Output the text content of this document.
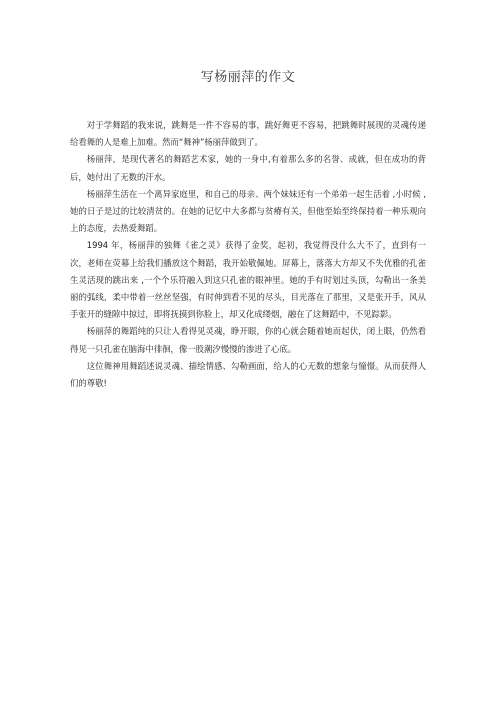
写杨丽萍的作文

对于学舞蹈的我来说，跳舞是一件不容易的事，跳好舞更不容易，把跳舞时展现的灵魂传递给看舞的人是难上加难。然而“舞神”杨丽萍做到了。

杨丽萍，是现代著名的舞蹈艺术家，她的一身中,有着那么多的名誉、成就，但在成功的背后，她付出了无数的汗水。

杨丽萍生活在一个离异家庭里，和自己的母亲、两个妹妹还有一个弟弟一起生活着 ,小时候 ,她的日子是过的比较清贫的。在她的记忆中大多都与贫瘠有关，但他至始至终保持着一种乐观向上的态度，去热爱舞蹈。

1994 年，杨丽萍的独舞《雀之灵》获得了金奖，起初，我觉得没什么大不了，直到有一次，老师在荧幕上给我们播放这个舞蹈，我开始敬佩她。屏幕上，落落大方却又不失优雅的孔雀生灵活现的跳出来 ,一个个乐符融入到这只孔雀的眼神里。她的手有时划过头顶，勾勒出一条美丽的弧线，柔中带着一丝丝坚强，有时伸到看不见的尽头，目光落在了那里，又是张开手，风从手张开的缝隙中掠过，即将抚摸到你脸上，却又化成缕烟，融在了这舞蹈中，不见踪影。

杨丽萍的舞蹈纯的只让人看得见灵魂，睁开眼，你的心就会随着她而起伏，闭上眼，仍然看得见一只孔雀在脑海中徘徊，像一股潮汐慢慢的渗进了心底。

这位舞神用舞蹈述说灵魂、描绘情感、勾勒画面，给人的心无数的想象与憧憬。从而获得人们的尊敬!
